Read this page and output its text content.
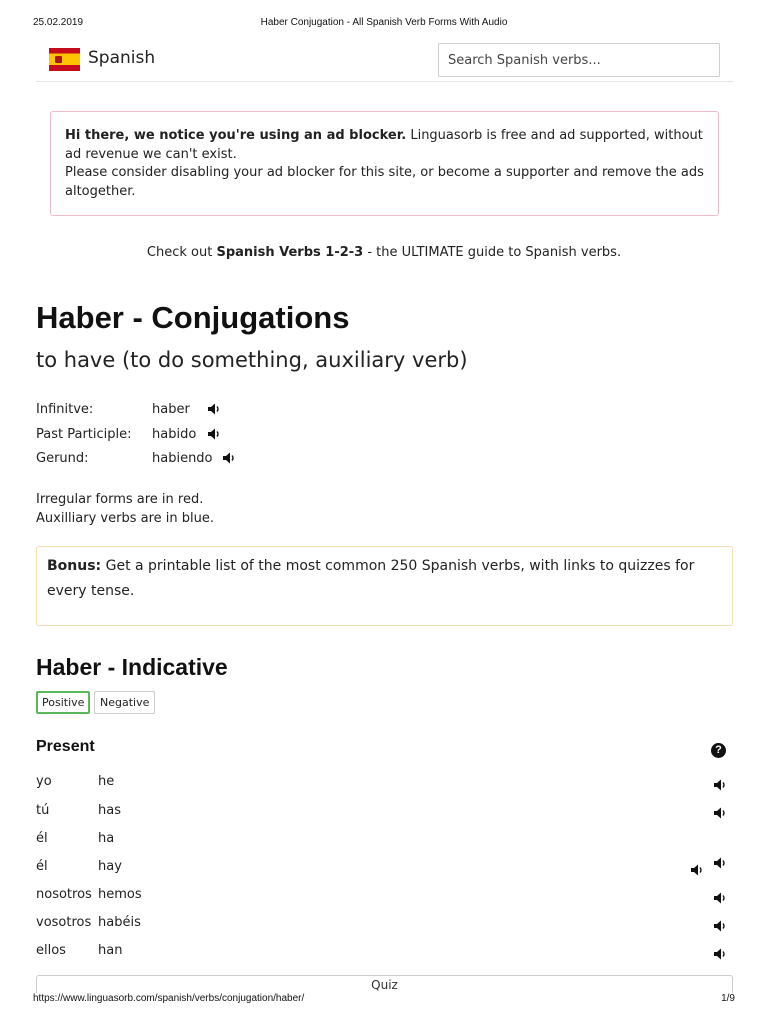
25.02.2019	Haber Conjugation - All Spanish Verb Forms With Audio
Spanish
Search Spanish verbs...
Hi there, we notice you're using an ad blocker. Linguasorb is free and ad supported, without ad revenue we can't exist.
Please consider disabling your ad blocker for this site, or become a supporter and remove the ads altogether.
Check out Spanish Verbs 1-2-3 - the ULTIMATE guide to Spanish verbs.
Haber - Conjugations
to have (to do something, auxiliary verb)
Infinitve:	haber
Past Participle: habido
Gerund:	habiendo
Irregular forms are in red.
Auxilliary verbs are in blue.
Bonus: Get a printable list of the most common 250 Spanish verbs, with links to quizzes for every tense.
Haber - Indicative
Positive	Negative
Present	?
yo	he
tú	has
él	ha
él	hay
nosotros hemos
vosotros habéis
ellos han
Quiz
https://www.linguasorb.com/spanish/verbs/conjugation/haber/	1/9
